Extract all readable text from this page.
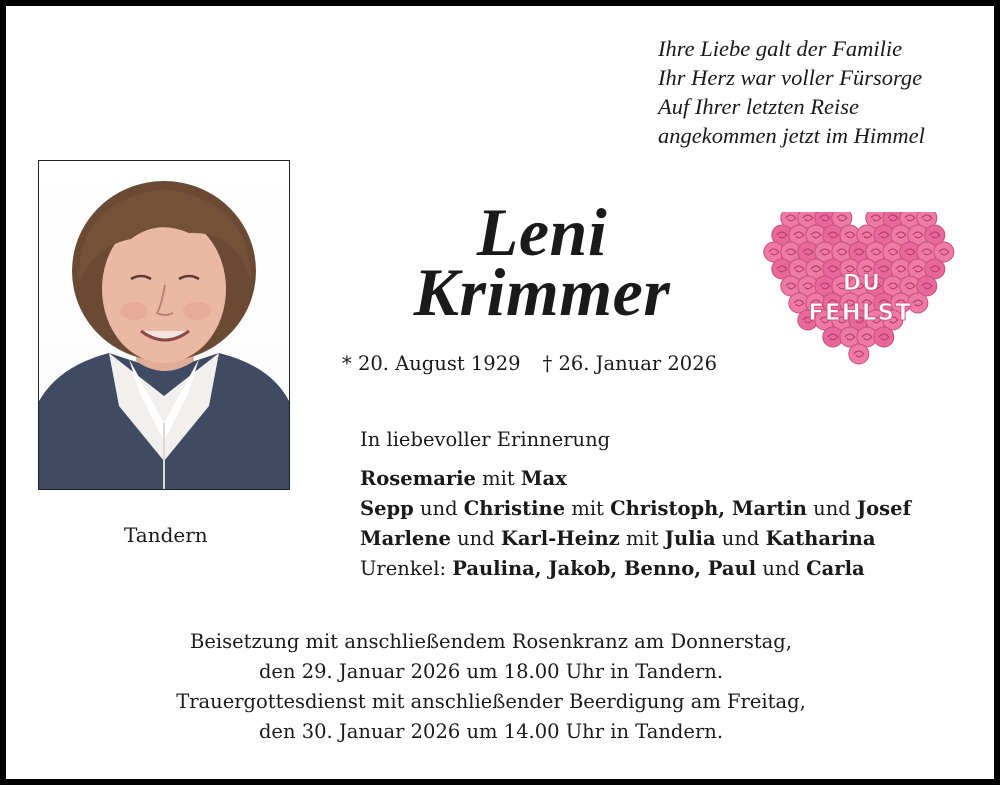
Ihre Liebe galt der Familie
Ihr Herz war voller Fürsorge
Auf Ihrer letzten Reise
angekommen jetzt im Himmel
Tandern
Leni
Krimmer
* 20. August 1929 † 26. Januar 2026
DU
FEHLST
In liebevoller Erinnerung
Rosemarie mit Max
Sepp und Christine mit Christoph, Martin und Josef
Marlene und Karl-Heinz mit Julia und Katharina
Urenkel: Paulina, Jakob, Benno, Paul und Carla
Beisetzung mit anschließendem Rosenkranz am Donnerstag,
den 29. Januar 2026 um 18.00 Uhr in Tandern.
Trauergottesdienst mit anschließender Beerdigung am Freitag,
den 30. Januar 2026 um 14.00 Uhr in Tandern.
